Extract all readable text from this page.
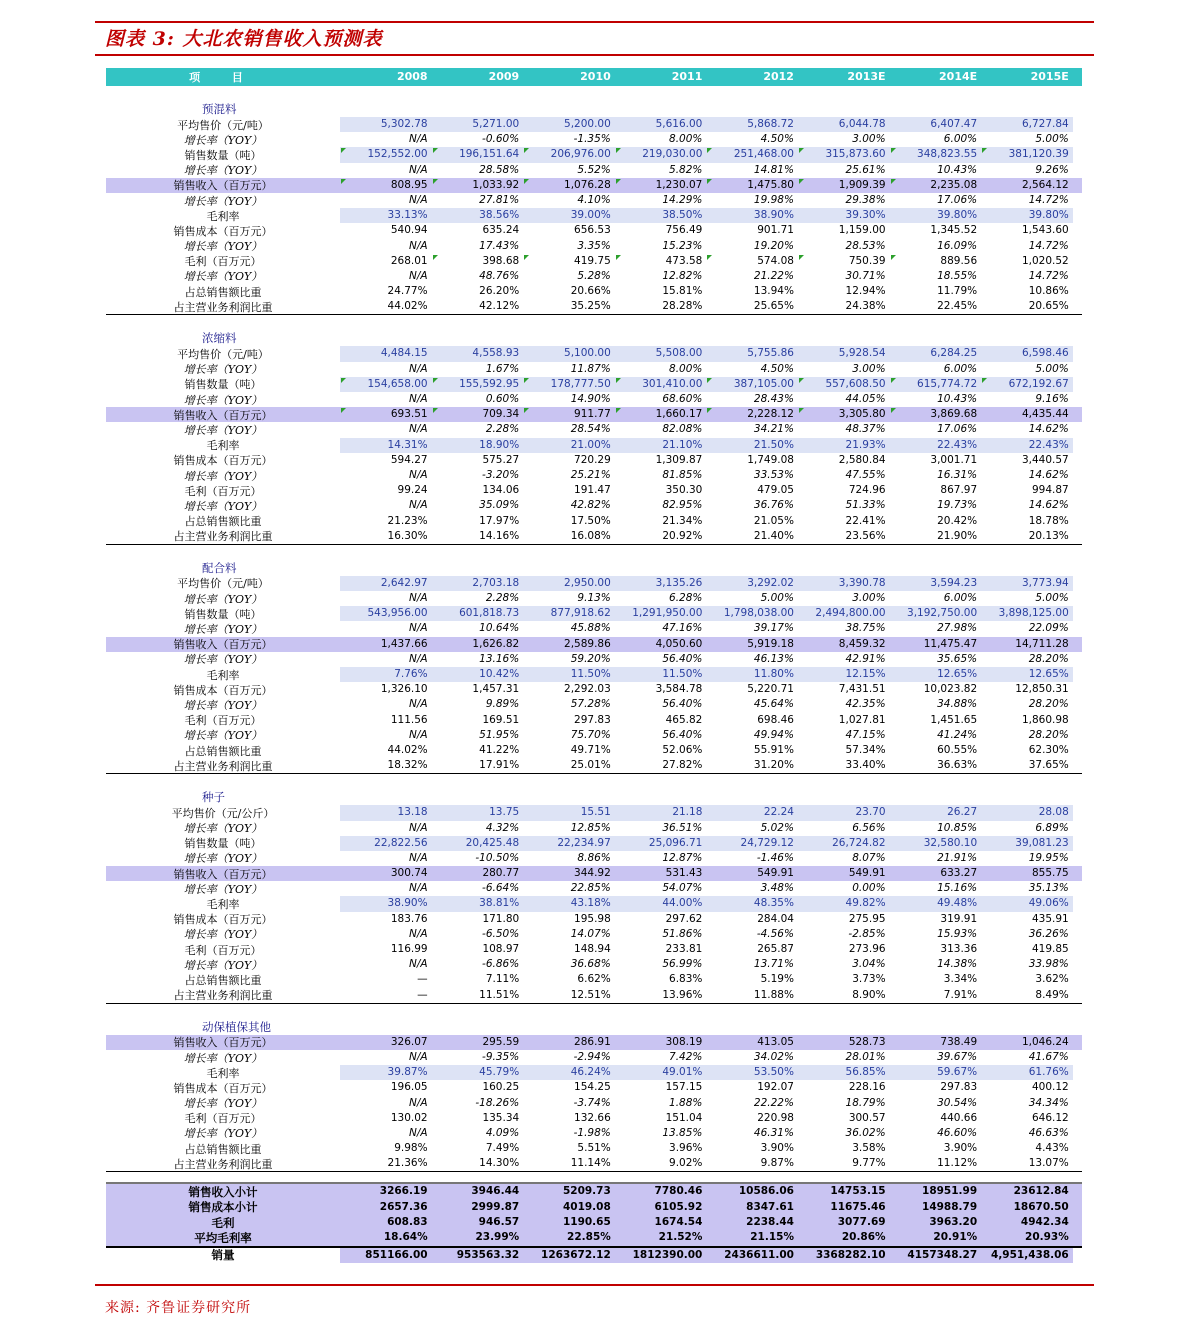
图表 3: 大北农销售收入预测表
项 目	2008	2009	2010	2011	2012	2013E	2014E	2015E
预混料
平均售价（元/吨）	5,302.78	5,271.00	5,200.00	5,616.00	5,868.72	6,044.78	6,407.47	6,727.84
增长率（YOY）	N/A	-0.60%	-1.35%	8.00%	4.50%	3.00%	6.00%	5.00%
销售数量（吨）	152,552.00	196,151.64	206,976.00	219,030.00	251,468.00	315,873.60	348,823.55	381,120.39
增长率（YOY）	N/A	28.58%	5.52%	5.82%	14.81%	25.61%	10.43%	9.26%
销售收入（百万元）	808.95	1,033.92	1,076.28	1,230.07	1,475.80	1,909.39	2,235.08	2,564.12
增长率（YOY）	N/A	27.81%	4.10%	14.29%	19.98%	29.38%	17.06%	14.72%
毛利率	33.13%	38.56%	39.00%	38.50%	38.90%	39.30%	39.80%	39.80%
销售成本（百万元）	540.94	635.24	656.53	756.49	901.71	1,159.00	1,345.52	1,543.60
增长率（YOY）	N/A	17.43%	3.35%	15.23%	19.20%	28.53%	16.09%	14.72%
毛利（百万元）	268.01	398.68	419.75	473.58	574.08	750.39	889.56	1,020.52
增长率（YOY）	N/A	48.76%	5.28%	12.82%	21.22%	30.71%	18.55%	14.72%
占总销售额比重	24.77%	26.20%	20.66%	15.81%	13.94%	12.94%	11.79%	10.86%
占主营业务利润比重	44.02%	42.12%	35.25%	28.28%	25.65%	24.38%	22.45%	20.65%
浓缩料
平均售价（元/吨）	4,484.15	4,558.93	5,100.00	5,508.00	5,755.86	5,928.54	6,284.25	6,598.46
增长率（YOY）	N/A	1.67%	11.87%	8.00%	4.50%	3.00%	6.00%	5.00%
销售数量（吨）	154,658.00	155,592.95	178,777.50	301,410.00	387,105.00	557,608.50	615,774.72	672,192.67
增长率（YOY）	N/A	0.60%	14.90%	68.60%	28.43%	44.05%	10.43%	9.16%
销售收入（百万元）	693.51	709.34	911.77	1,660.17	2,228.12	3,305.80	3,869.68	4,435.44
增长率（YOY）	N/A	2.28%	28.54%	82.08%	34.21%	48.37%	17.06%	14.62%
毛利率	14.31%	18.90%	21.00%	21.10%	21.50%	21.93%	22.43%	22.43%
销售成本（百万元）	594.27	575.27	720.29	1,309.87	1,749.08	2,580.84	3,001.71	3,440.57
增长率（YOY）	N/A	-3.20%	25.21%	81.85%	33.53%	47.55%	16.31%	14.62%
毛利（百万元）	99.24	134.06	191.47	350.30	479.05	724.96	867.97	994.87
增长率（YOY）	N/A	35.09%	42.82%	82.95%	36.76%	51.33%	19.73%	14.62%
占总销售额比重	21.23%	17.97%	17.50%	21.34%	21.05%	22.41%	20.42%	18.78%
占主营业务利润比重	16.30%	14.16%	16.08%	20.92%	21.40%	23.56%	21.90%	20.13%
配合料
平均售价（元/吨）	2,642.97	2,703.18	2,950.00	3,135.26	3,292.02	3,390.78	3,594.23	3,773.94
增长率（YOY）	N/A	2.28%	9.13%	6.28%	5.00%	3.00%	6.00%	5.00%
销售数量（吨）	543,956.00	601,818.73	877,918.62	1,291,950.00	1,798,038.00	2,494,800.00	3,192,750.00	3,898,125.00
增长率（YOY）	N/A	10.64%	45.88%	47.16%	39.17%	38.75%	27.98%	22.09%
销售收入（百万元）	1,437.66	1,626.82	2,589.86	4,050.60	5,919.18	8,459.32	11,475.47	14,711.28
增长率（YOY）	N/A	13.16%	59.20%	56.40%	46.13%	42.91%	35.65%	28.20%
毛利率	7.76%	10.42%	11.50%	11.50%	11.80%	12.15%	12.65%	12.65%
销售成本（百万元）	1,326.10	1,457.31	2,292.03	3,584.78	5,220.71	7,431.51	10,023.82	12,850.31
增长率（YOY）	N/A	9.89%	57.28%	56.40%	45.64%	42.35%	34.88%	28.20%
毛利（百万元）	111.56	169.51	297.83	465.82	698.46	1,027.81	1,451.65	1,860.98
增长率（YOY）	N/A	51.95%	75.70%	56.40%	49.94%	47.15%	41.24%	28.20%
占总销售额比重	44.02%	41.22%	49.71%	52.06%	55.91%	57.34%	60.55%	62.30%
占主营业务利润比重	18.32%	17.91%	25.01%	27.82%	31.20%	33.40%	36.63%	37.65%
种子
平均售价（元/公斤）	13.18	13.75	15.51	21.18	22.24	23.70	26.27	28.08
增长率（YOY）	N/A	4.32%	12.85%	36.51%	5.02%	6.56%	10.85%	6.89%
销售数量（吨）	22,822.56	20,425.48	22,234.97	25,096.71	24,729.12	26,724.82	32,580.10	39,081.23
增长率（YOY）	N/A	-10.50%	8.86%	12.87%	-1.46%	8.07%	21.91%	19.95%
销售收入（百万元）	300.74	280.77	344.92	531.43	549.91	549.91	633.27	855.75
增长率（YOY）	N/A	-6.64%	22.85%	54.07%	3.48%	0.00%	15.16%	35.13%
毛利率	38.90%	38.81%	43.18%	44.00%	48.35%	49.82%	49.48%	49.06%
销售成本（百万元）	183.76	171.80	195.98	297.62	284.04	275.95	319.91	435.91
增长率（YOY）	N/A	-6.50%	14.07%	51.86%	-4.56%	-2.85%	15.93%	36.26%
毛利（百万元）	116.99	108.97	148.94	233.81	265.87	273.96	313.36	419.85
增长率（YOY）	N/A	-6.86%	36.68%	56.99%	13.71%	3.04%	14.38%	33.98%
占总销售额比重	—	7.11%	6.62%	6.83%	5.19%	3.73%	3.34%	3.62%
占主营业务利润比重	—	11.51%	12.51%	13.96%	11.88%	8.90%	7.91%	8.49%
动保植保其他
销售收入（百万元）	326.07	295.59	286.91	308.19	413.05	528.73	738.49	1,046.24
增长率（YOY）	N/A	-9.35%	-2.94%	7.42%	34.02%	28.01%	39.67%	41.67%
毛利率	39.87%	45.79%	46.24%	49.01%	53.50%	56.85%	59.67%	61.76%
销售成本（百万元）	196.05	160.25	154.25	157.15	192.07	228.16	297.83	400.12
增长率（YOY）	N/A	-18.26%	-3.74%	1.88%	22.22%	18.79%	30.54%	34.34%
毛利（百万元）	130.02	135.34	132.66	151.04	220.98	300.57	440.66	646.12
增长率（YOY）	N/A	4.09%	-1.98%	13.85%	46.31%	36.02%	46.60%	46.63%
占总销售额比重	9.98%	7.49%	5.51%	3.96%	3.90%	3.58%	3.90%	4.43%
占主营业务利润比重	21.36%	14.30%	11.14%	9.02%	9.87%	9.77%	11.12%	13.07%
销售收入小计	3266.19	3946.44	5209.73	7780.46	10586.06	14753.15	18951.99	23612.84
销售成本小计	2657.36	2999.87	4019.08	6105.92	8347.61	11675.46	14988.79	18670.50
毛利	608.83	946.57	1190.65	1674.54	2238.44	3077.69	3963.20	4942.34
平均毛利率	18.64%	23.99%	22.85%	21.52%	21.15%	20.86%	20.91%	20.93%
销量	851166.00	953563.32	1263672.12	1812390.00	2436611.00	3368282.10	4157348.27	4,951,438.06
来源: 齐鲁证券研究所
